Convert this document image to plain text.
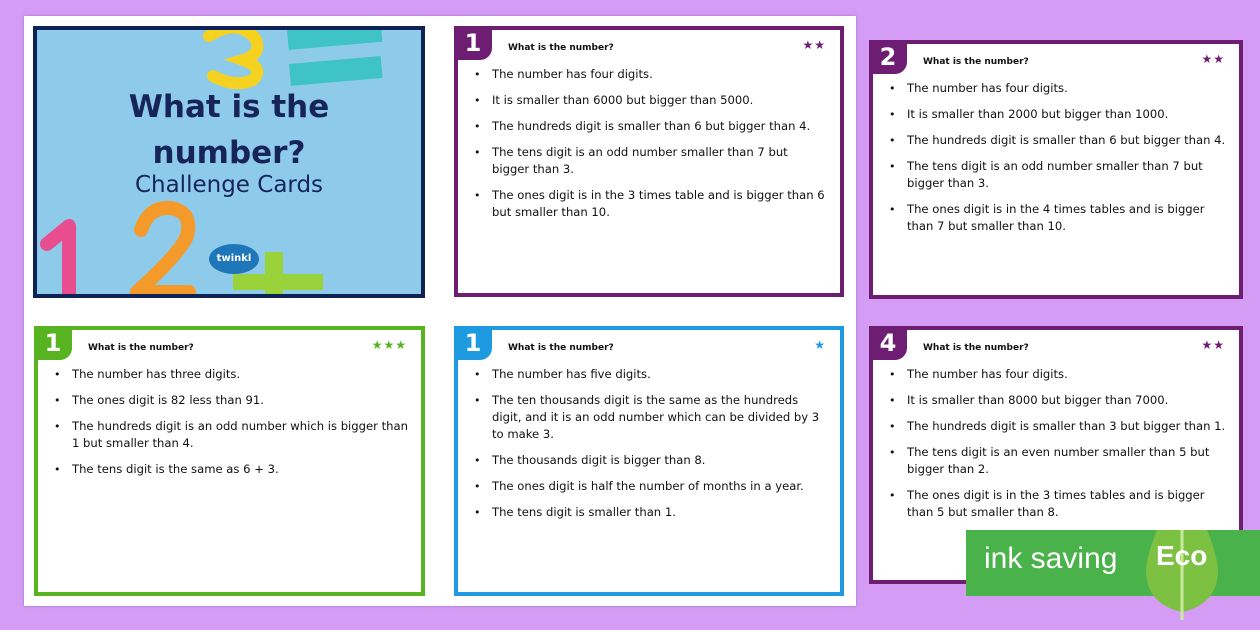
What is the
number?
Challenge Cards
twinkl
1	What is the number?	★★
• The number has four digits.
• It is smaller than 6000 but bigger than 5000.
• The hundreds digit is smaller than 6 but bigger than 4.
• The tens digit is an odd number smaller than 7 but bigger than 3.
• The ones digit is in the 3 times table and is bigger than 6 but smaller than 10.
2	What is the number?	★★
• The number has four digits.
• It is smaller than 2000 but bigger than 1000.
• The hundreds digit is smaller than 6 but bigger than 4.
• The tens digit is an odd number smaller than 7 but bigger than 3.
• The ones digit is in the 4 times tables and is bigger than 7 but smaller than 10.
1	What is the number?	★★★
• The number has three digits.
• The ones digit is 82 less than 91.
• The hundreds digit is an odd number which is bigger than 1 but smaller than 4.
• The tens digit is the same as 6 + 3.
1	What is the number?	★
• The number has five digits.
• The ten thousands digit is the same as the hundreds digit, and it is an odd number which can be divided by 3 to make 3.
• The thousands digit is bigger than 8.
• The ones digit is half the number of months in a year.
• The tens digit is smaller than 1.
4	What is the number?	★★
• The number has four digits.
• It is smaller than 8000 but bigger than 7000.
• The hundreds digit is smaller than 3 but bigger than 1.
• The tens digit is an even number smaller than 5 but bigger than 2.
• The ones digit is in the 3 times tables and is bigger than 5 but smaller than 8.
ink saving Eco
